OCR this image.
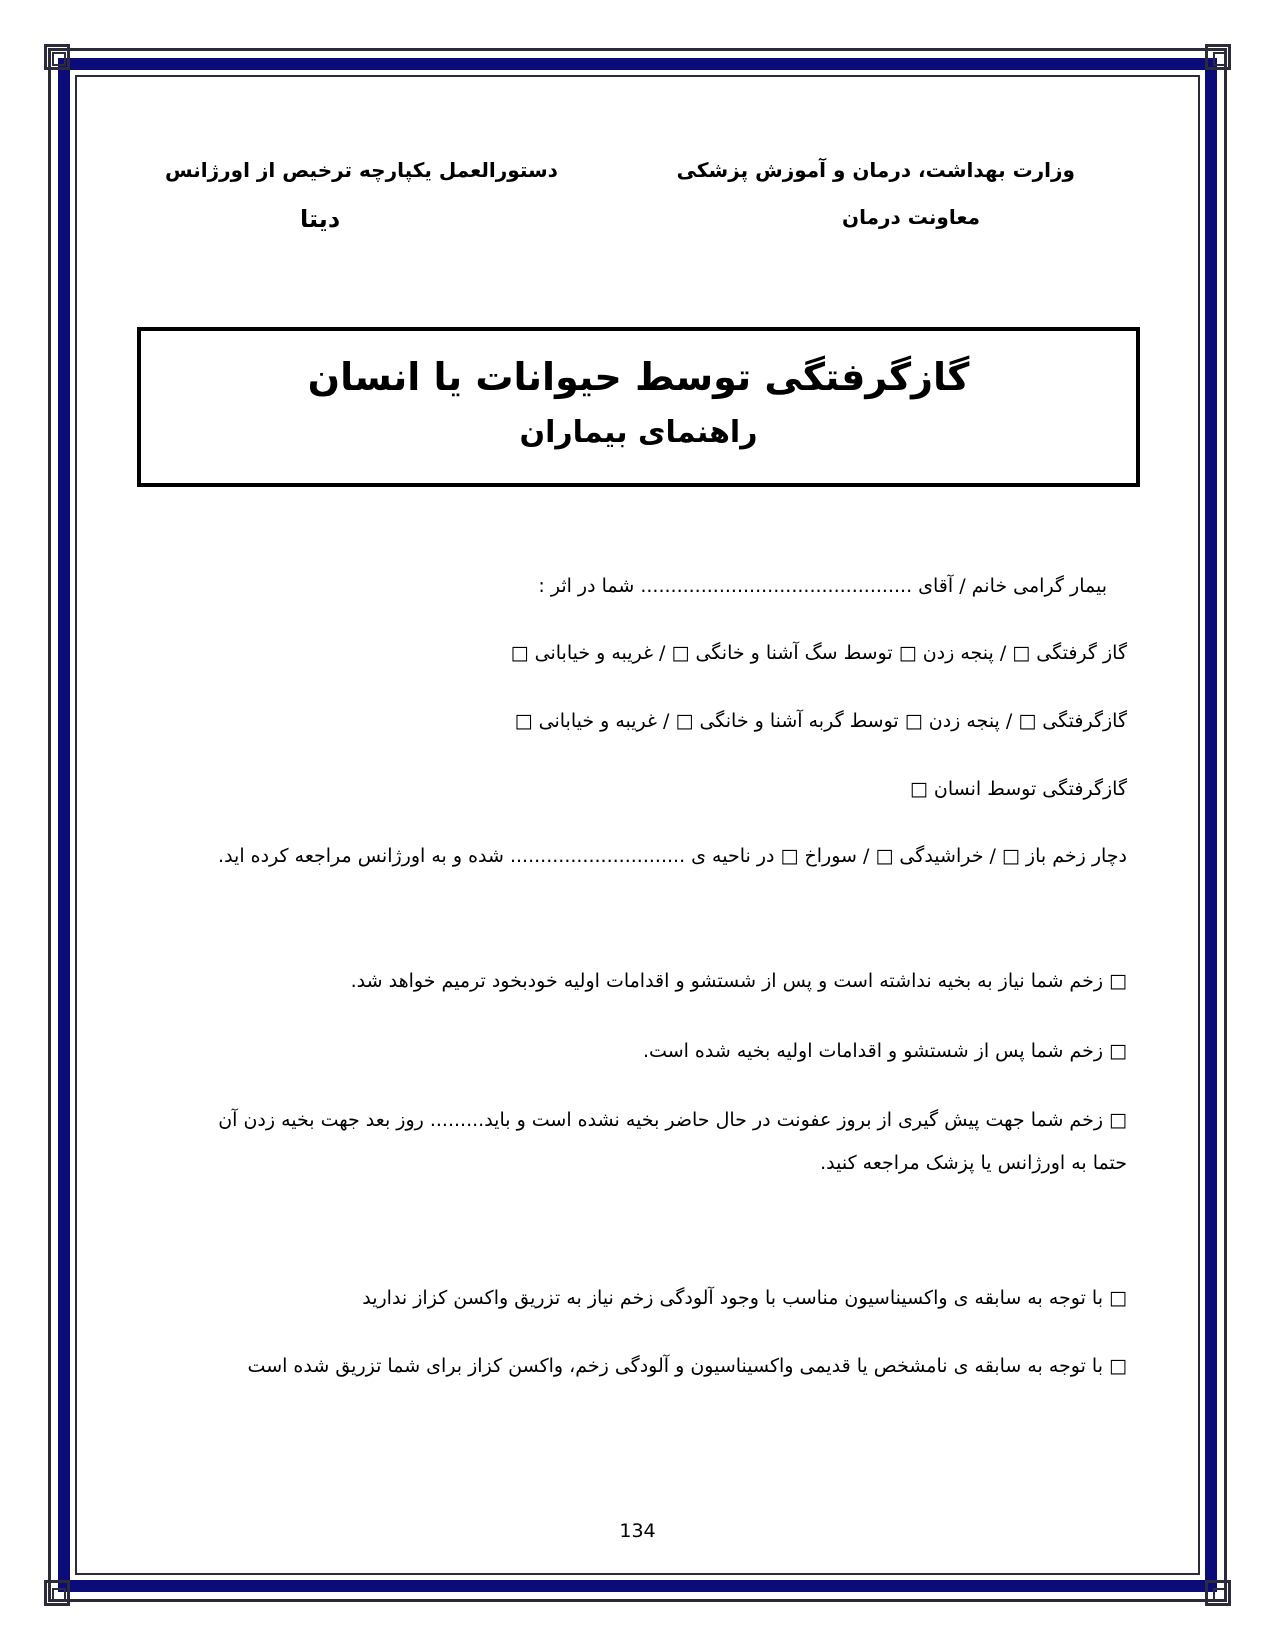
وزارت بهداشت، درمان و آموزش پزشکی
معاونت درمان
دستورالعمل یکپارچه ترخیص از اورژانس
دیتا
گازگرفتگی توسط حیوانات یا انسان
راهنمای بیماران
بیمار گرامی خانم / آقای ............................................. شما در اثر :
گاز گرفتگی □ / پنجه زدن □ توسط سگ آشنا و خانگی □ / غریبه و خیابانی □
گازگرفتگی □ / پنجه زدن □ توسط گربه آشنا و خانگی □ / غریبه و خیابانی □
گازگرفتگی توسط انسان □
دچار زخم باز □ / خراشیدگی □ / سوراخ □ در ناحیه ی ............................. شده و به اورژانس مراجعه کرده اید.
□ زخم شما نیاز به بخیه نداشته است و پس از شستشو و اقدامات اولیه خودبخود ترمیم خواهد شد.
□ زخم شما پس از شستشو و اقدامات اولیه بخیه شده است.
□ زخم شما جهت پیش گیری از بروز عفونت در حال حاضر بخیه نشده است و باید......... روز بعد جهت بخیه زدن آن
حتما به اورژانس یا پزشک مراجعه کنید.
□ با توجه به سابقه ی واکسیناسیون مناسب با وجود آلودگی زخم نیاز به تزریق واکسن کزاز ندارید
□ با توجه به سابقه ی نامشخص یا قدیمی واکسیناسیون و آلودگی زخم، واکسن کزاز برای شما تزریق شده است
134
